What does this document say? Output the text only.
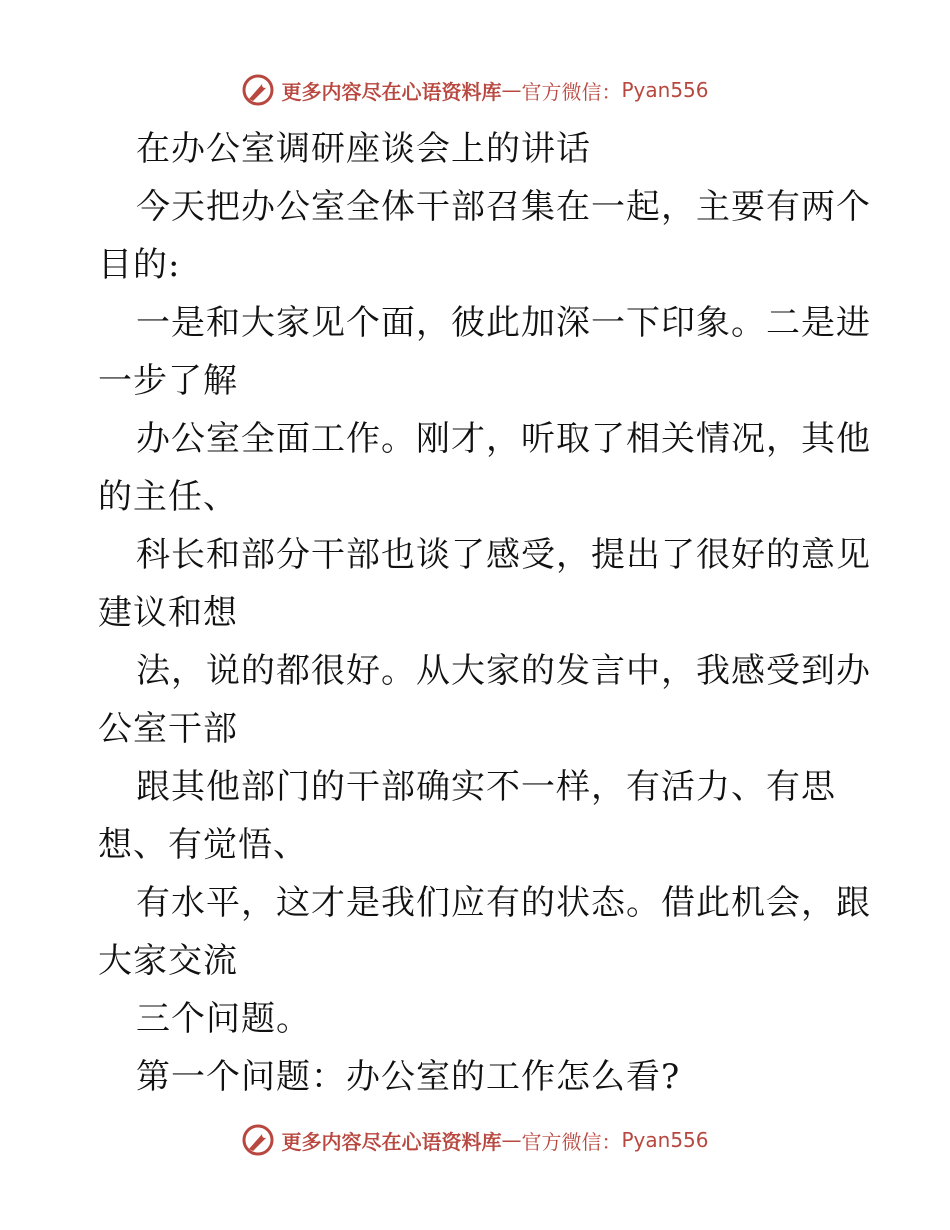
更多内容尽在心语资料库 — 官方微信： Pyan556
在办公室调研座谈会上的讲话
今天把办公室全体干部召集在一起，主要有两个
目的:
一是和大家见个面，彼此加深一下印象。二是进
一步了解
办公室全面工作。刚才，听取了相关情况，其他
的主任、
科长和部分干部也谈了感受，提出了很好的意见
建议和想
法，说的都很好。从大家的发言中，我感受到办
公室干部
跟其他部门的干部确实不一样，有活力、有思
想、有觉悟、
有水平，这才是我们应有的状态。借此机会，跟
大家交流
三个问题。
第一个问题：办公室的工作怎么看?
更多内容尽在心语资料库 — 官方微信： Pyan556
